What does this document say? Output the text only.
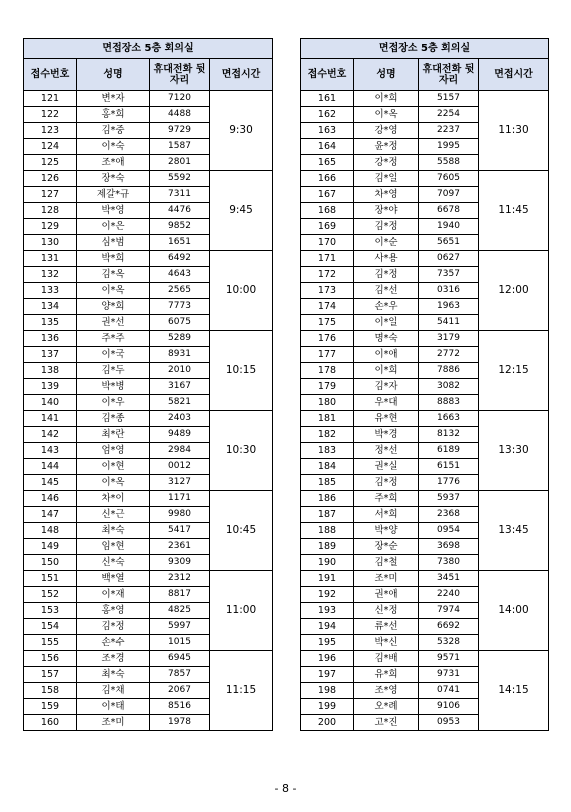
면접장소 5층 회의실			
접수번호	성명	휴대전화 뒷자리	면접시간
121	변*자	7120	9:30
122	홍*희	4488	
123	김*중	9729	
124	이*숙	1587	
125	조*애	2801	
126	장*숙	5592	9:45
127	제갈*규	7311	
128	박*영	4476	
129	이*은	9852	
130	심*범	1651	
131	박*희	6492	10:00
132	김*옥	4643	
133	이*옥	2565	
134	양*희	7773	
135	권*선	6075	
136	주*주	5289	10:15
137	이*국	8931	
138	김*두	2010	
139	박*병	3167	
140	이*우	5821	
141	김*종	2403	10:30
142	최*란	9489	
143	엄*영	2984	
144	이*현	0012	
145	이*옥	3127	
146	차*이	1171	10:45
147	신*근	9980	
148	최*숙	5417	
149	임*현	2361	
150	신*숙	9309	
151	백*열	2312	11:00
152	이*재	8817	
153	홍*영	4825	
154	김*정	5997	
155	손*수	1015	
156	조*경	6945	11:15
157	최*숙	7857	
158	김*채	2067	
159	이*태	8516	
160	조*미	1978	
면접장소 5층 회의실			
접수번호	성명	휴대전화 뒷자리	면접시간
161	이*희	5157	11:30
162	이*옥	2254	
163	강*영	2237	
164	윤*정	1995	
165	강*정	5588	
166	김*일	7605	11:45
167	차*영	7097	
168	장*야	6678	
169	김*정	1940	
170	이*순	5651	
171	사*용	0627	12:00
172	김*정	7357	
173	김*선	0316	
174	손*우	1963	
175	이*일	5411	
176	명*숙	3179	12:15
177	이*애	2772	
178	이*희	7886	
179	김*자	3082	
180	우*대	8883	
181	유*현	1663	13:30
182	박*경	8132	
183	정*선	6189	
184	권*실	6151	
185	김*정	1776	
186	주*희	5937	13:45
187	서*희	2368	
188	박*양	0954	
189	장*순	3698	
190	김*철	7380	
191	조*미	3451	14:00
192	권*애	2240	
193	신*정	7974	
194	류*선	6692	
195	박*신	5328	
196	김*배	9571	14:15
197	유*희	9731	
198	조*영	0741	
199	오*례	9106	
200	고*진	0953	
- 8 -
